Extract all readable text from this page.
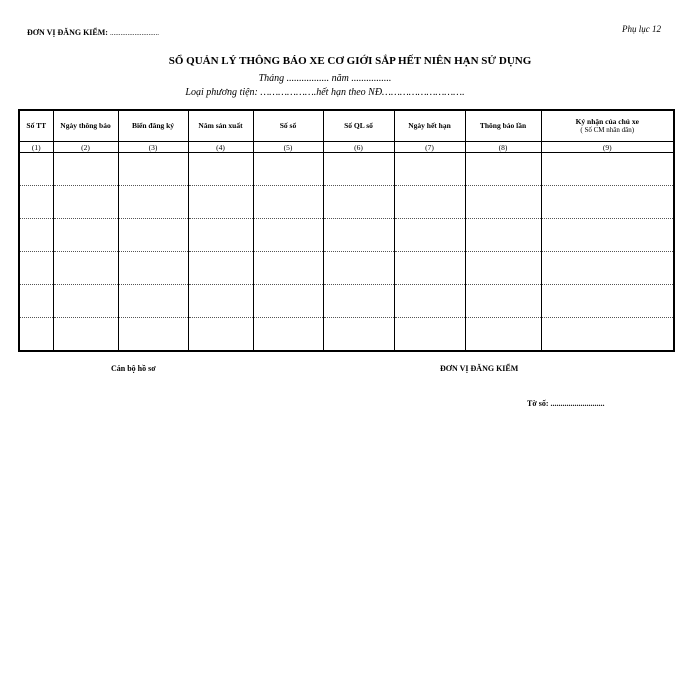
ĐƠN VỊ ĐĂNG KIỂM: ............................	Phụ lục 12
SỔ QUẢN LÝ THÔNG BÁO XE CƠ GIỚI SẮP HẾT NIÊN HẠN SỬ DỤNG
Tháng ................. năm ................
Loại phương tiện: ……………….hết hạn theo NĐ……………………….
Số TT	Ngày thông báo	Biển đăng ký	Năm sản xuất	Số sổ	Số QL sổ	Ngày hết hạn	Thông báo lần	Ký nhận của chủ xe
( Số CM nhân dân)

(1)	(2)	(3)	(4)	(5)	(6)	(7)	(8)	(9)

Cán bộ hồ sơ	ĐƠN VỊ ĐĂNG KIỂM
Tờ số: ...........................
